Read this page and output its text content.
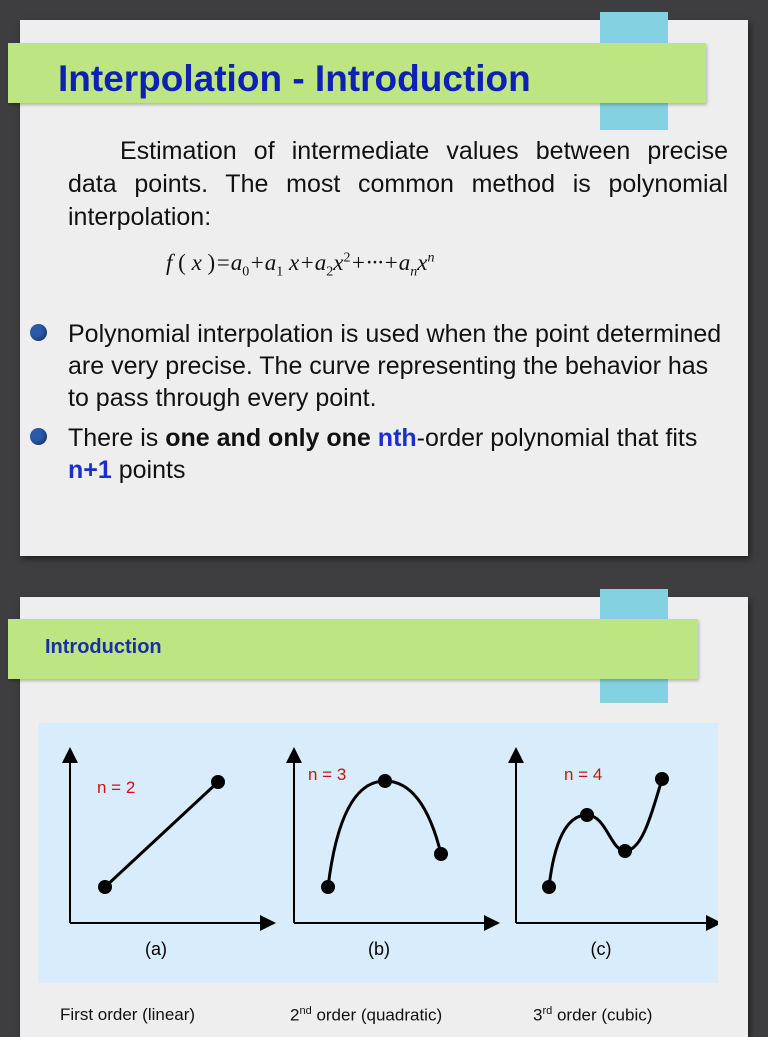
Interpolation - Introduction

Estimation of intermediate values between precise data points. The most common method is polynomial interpolation:

f ( x )$=a_0+a_1$ $x+a_2x^2+\cdot\cdot\cdot+a_nx^n$
Polynomial interpolation is used when the point determined are very precise. The curve representing the behavior has to pass through every point.
There is one and only one nth-order polynomial that fits n+1 points
Introduction
n = 2
(a)
n = 3
(b)
n = 4
(c)
First order (linear)	2nd order (quadratic)	3rd order (cubic)
